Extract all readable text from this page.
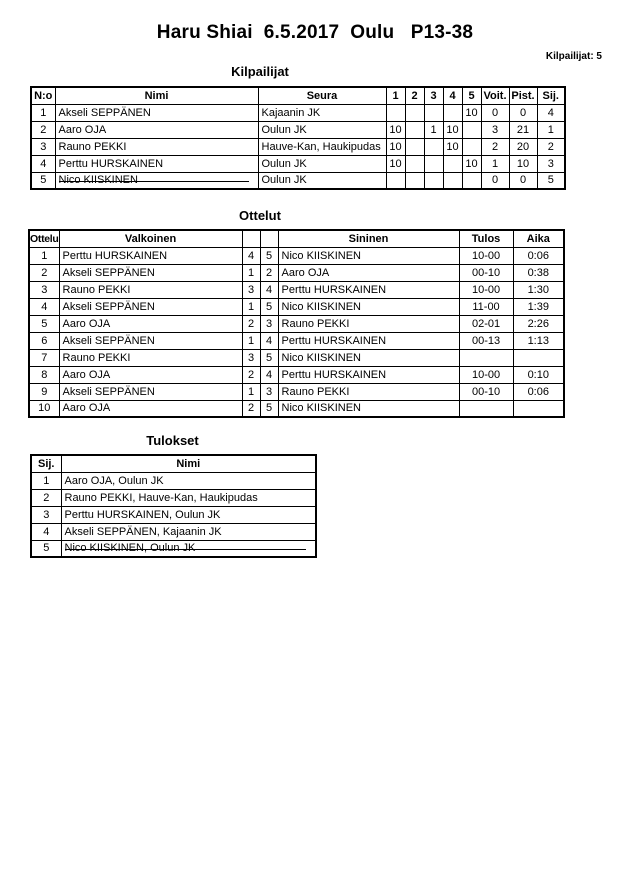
Haru Shiai  6.5.2017  Oulu   P13-38
Kilpailijat: 5
Kilpailijat
N:o	Nimi	Seura	1	2	3	4	5	Voit.	Pist.	Sij.
1	Akseli SEPPÄNEN	Kajaanin JK					10	0	0	4
2	Aaro OJA	Oulun JK	10		1	10		3	21	1
3	Rauno PEKKI	Hauve-Kan, Haukipudas	10			10		2	20	2
4	Perttu HURSKAINEN	Oulun JK	10				10	1	10	3
5	Nico KIISKINEN	Oulun JK						0	0	5
Ottelut
Ottelu	Valkoinen			Sininen	Tulos	Aika
1	Perttu HURSKAINEN	4	5	Nico KIISKINEN	10-00	0:06
2	Akseli SEPPÄNEN	1	2	Aaro OJA	00-10	0:38
3	Rauno PEKKI	3	4	Perttu HURSKAINEN	10-00	1:30
4	Akseli SEPPÄNEN	1	5	Nico KIISKINEN	11-00	1:39
5	Aaro OJA	2	3	Rauno PEKKI	02-01	2:26
6	Akseli SEPPÄNEN	1	4	Perttu HURSKAINEN	00-13	1:13
7	Rauno PEKKI	3	5	Nico KIISKINEN		
8	Aaro OJA	2	4	Perttu HURSKAINEN	10-00	0:10
9	Akseli SEPPÄNEN	1	3	Rauno PEKKI	00-10	0:06
10	Aaro OJA	2	5	Nico KIISKINEN		
Tulokset
Sij.	Nimi
1	Aaro OJA, Oulun JK
2	Rauno PEKKI, Hauve-Kan, Haukipudas
3	Perttu HURSKAINEN, Oulun JK
4	Akseli SEPPÄNEN, Kajaanin JK
5	Nico KIISKINEN, Oulun JK
